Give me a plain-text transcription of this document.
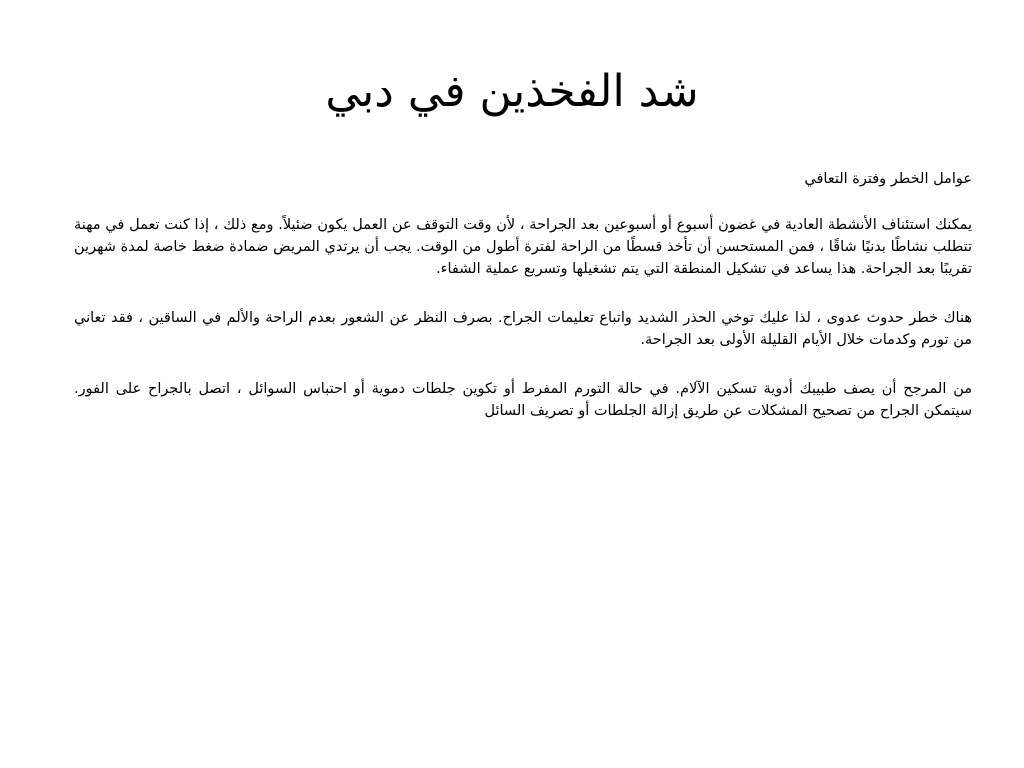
شد الفخذين في دبي

عوامل الخطر وفترة التعافي

يمكنك استئناف الأنشطة العادية في غضون أسبوع أو أسبوعين بعد الجراحة ، لأن وقت التوقف عن العمل يكون ضئيلاً. ومع ذلك ، إذا كنت تعمل في مهنة تتطلب نشاطًا بدنيًا شاقًا ، فمن المستحسن أن تأخذ قسطًا من الراحة لفترة أطول من الوقت. يجب أن يرتدي المريض ضمادة ضغط خاصة لمدة شهرين تقريبًا بعد الجراحة. هذا يساعد في تشكيل المنطقة التي يتم تشغيلها وتسريع عملية الشفاء.

هناك خطر حدوث عدوى ، لذا عليك توخي الحذر الشديد واتباع تعليمات الجراح. بصرف النظر عن الشعور بعدم الراحة والألم في الساقين ، فقد تعاني من تورم وكدمات خلال الأيام القليلة الأولى بعد الجراحة.

من المرجح أن يصف طبيبك أدوية تسكين الآلام. في حالة التورم المفرط أو تكوين جلطات دموية أو احتباس السوائل ، اتصل بالجراح على الفور. سيتمكن الجراح من تصحيح المشكلات عن طريق إزالة الجلطات أو تصريف السائل
